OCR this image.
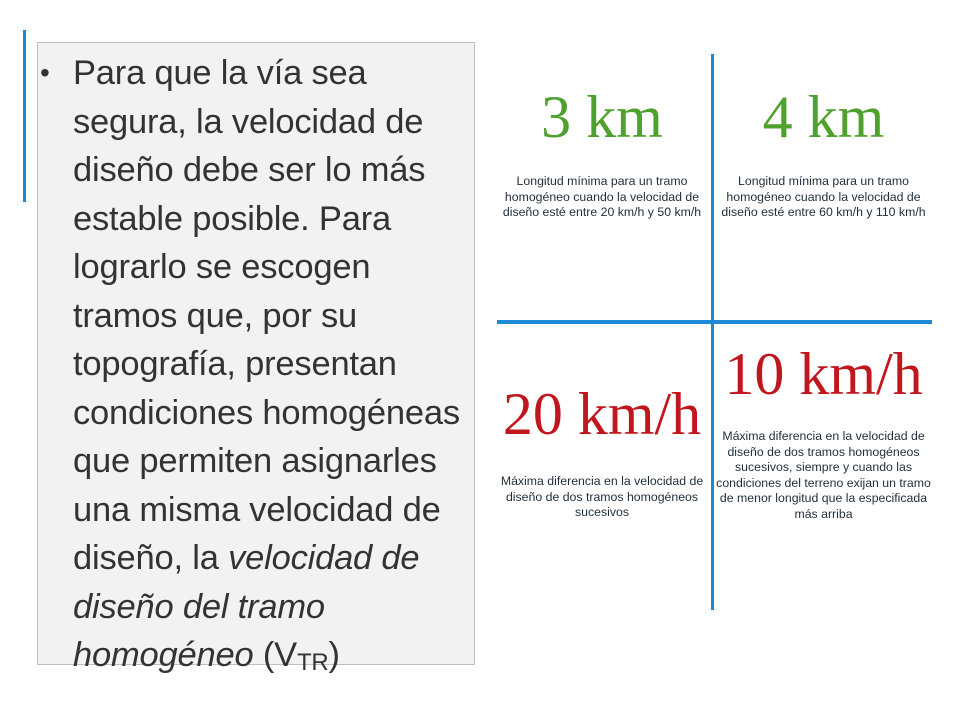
• Para que la vía sea segura, la velocidad de diseño debe ser lo más estable posible. Para lograrlo se escogen tramos que, por su topografía, presentan condiciones homogéneas que permiten asignarles una misma velocidad de diseño, la velocidad de diseño del tramo homogéneo (VTR)
3 km
Longitud mínima para un tramo homogéneo cuando la velocidad de diseño esté entre 20 km/h y 50 km/h
4 km
Longitud mínima para un tramo homogéneo cuando la velocidad de diseño esté entre 60 km/h y 110 km/h
20 km/h
Máxima diferencia en la velocidad de diseño de dos tramos homogéneos sucesivos
10 km/h
Máxima diferencia en la velocidad de diseño de dos tramos homogéneos sucesivos, siempre y cuando las condiciones del terreno exijan un tramo de menor longitud que la especificada más arriba
